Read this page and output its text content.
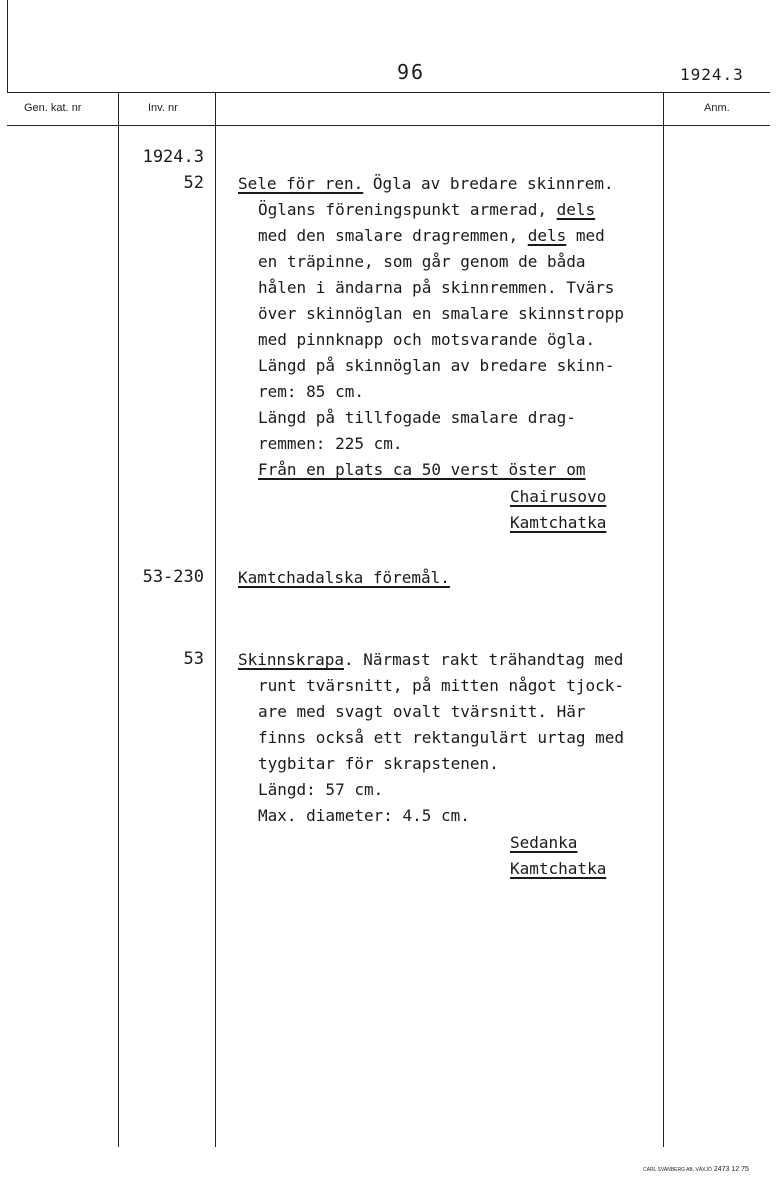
96	1924.3
Gen. kat. nr	Inv. nr	Anm.
1924.3
52 Sele för ren. Ögla av bredare skinnrem.
Öglans föreningspunkt armerad, dels
med den smalare dragremmen, dels med
en träpinne, som går genom de båda
hålen i ändarna på skinnremmen. Tvärs
över skinnöglan en smalare skinnstropp
med pinnknapp och motsvarande ögla.
Längd på skinnöglan av bredare skinn-
rem: 85 cm.
Längd på tillfogade smalare drag-
remmen: 225 cm.
Från en plats ca 50 verst öster om
Chairusovo
Kamtchatka
53-230 Kamtchadalska föremål.
53 Skinnskrapa. Närmast rakt trähandtag med
runt tvärsnitt, på mitten något tjock-
are med svagt ovalt tvärsnitt. Här
finns också ett rektangulärt urtag med
tygbitar för skrapstenen.
Längd: 57 cm.
Max. diameter: 4.5 cm.
Sedanka
Kamtchatka
CARL SVANBERG AB, VÄXJÖ 2473 12 75
